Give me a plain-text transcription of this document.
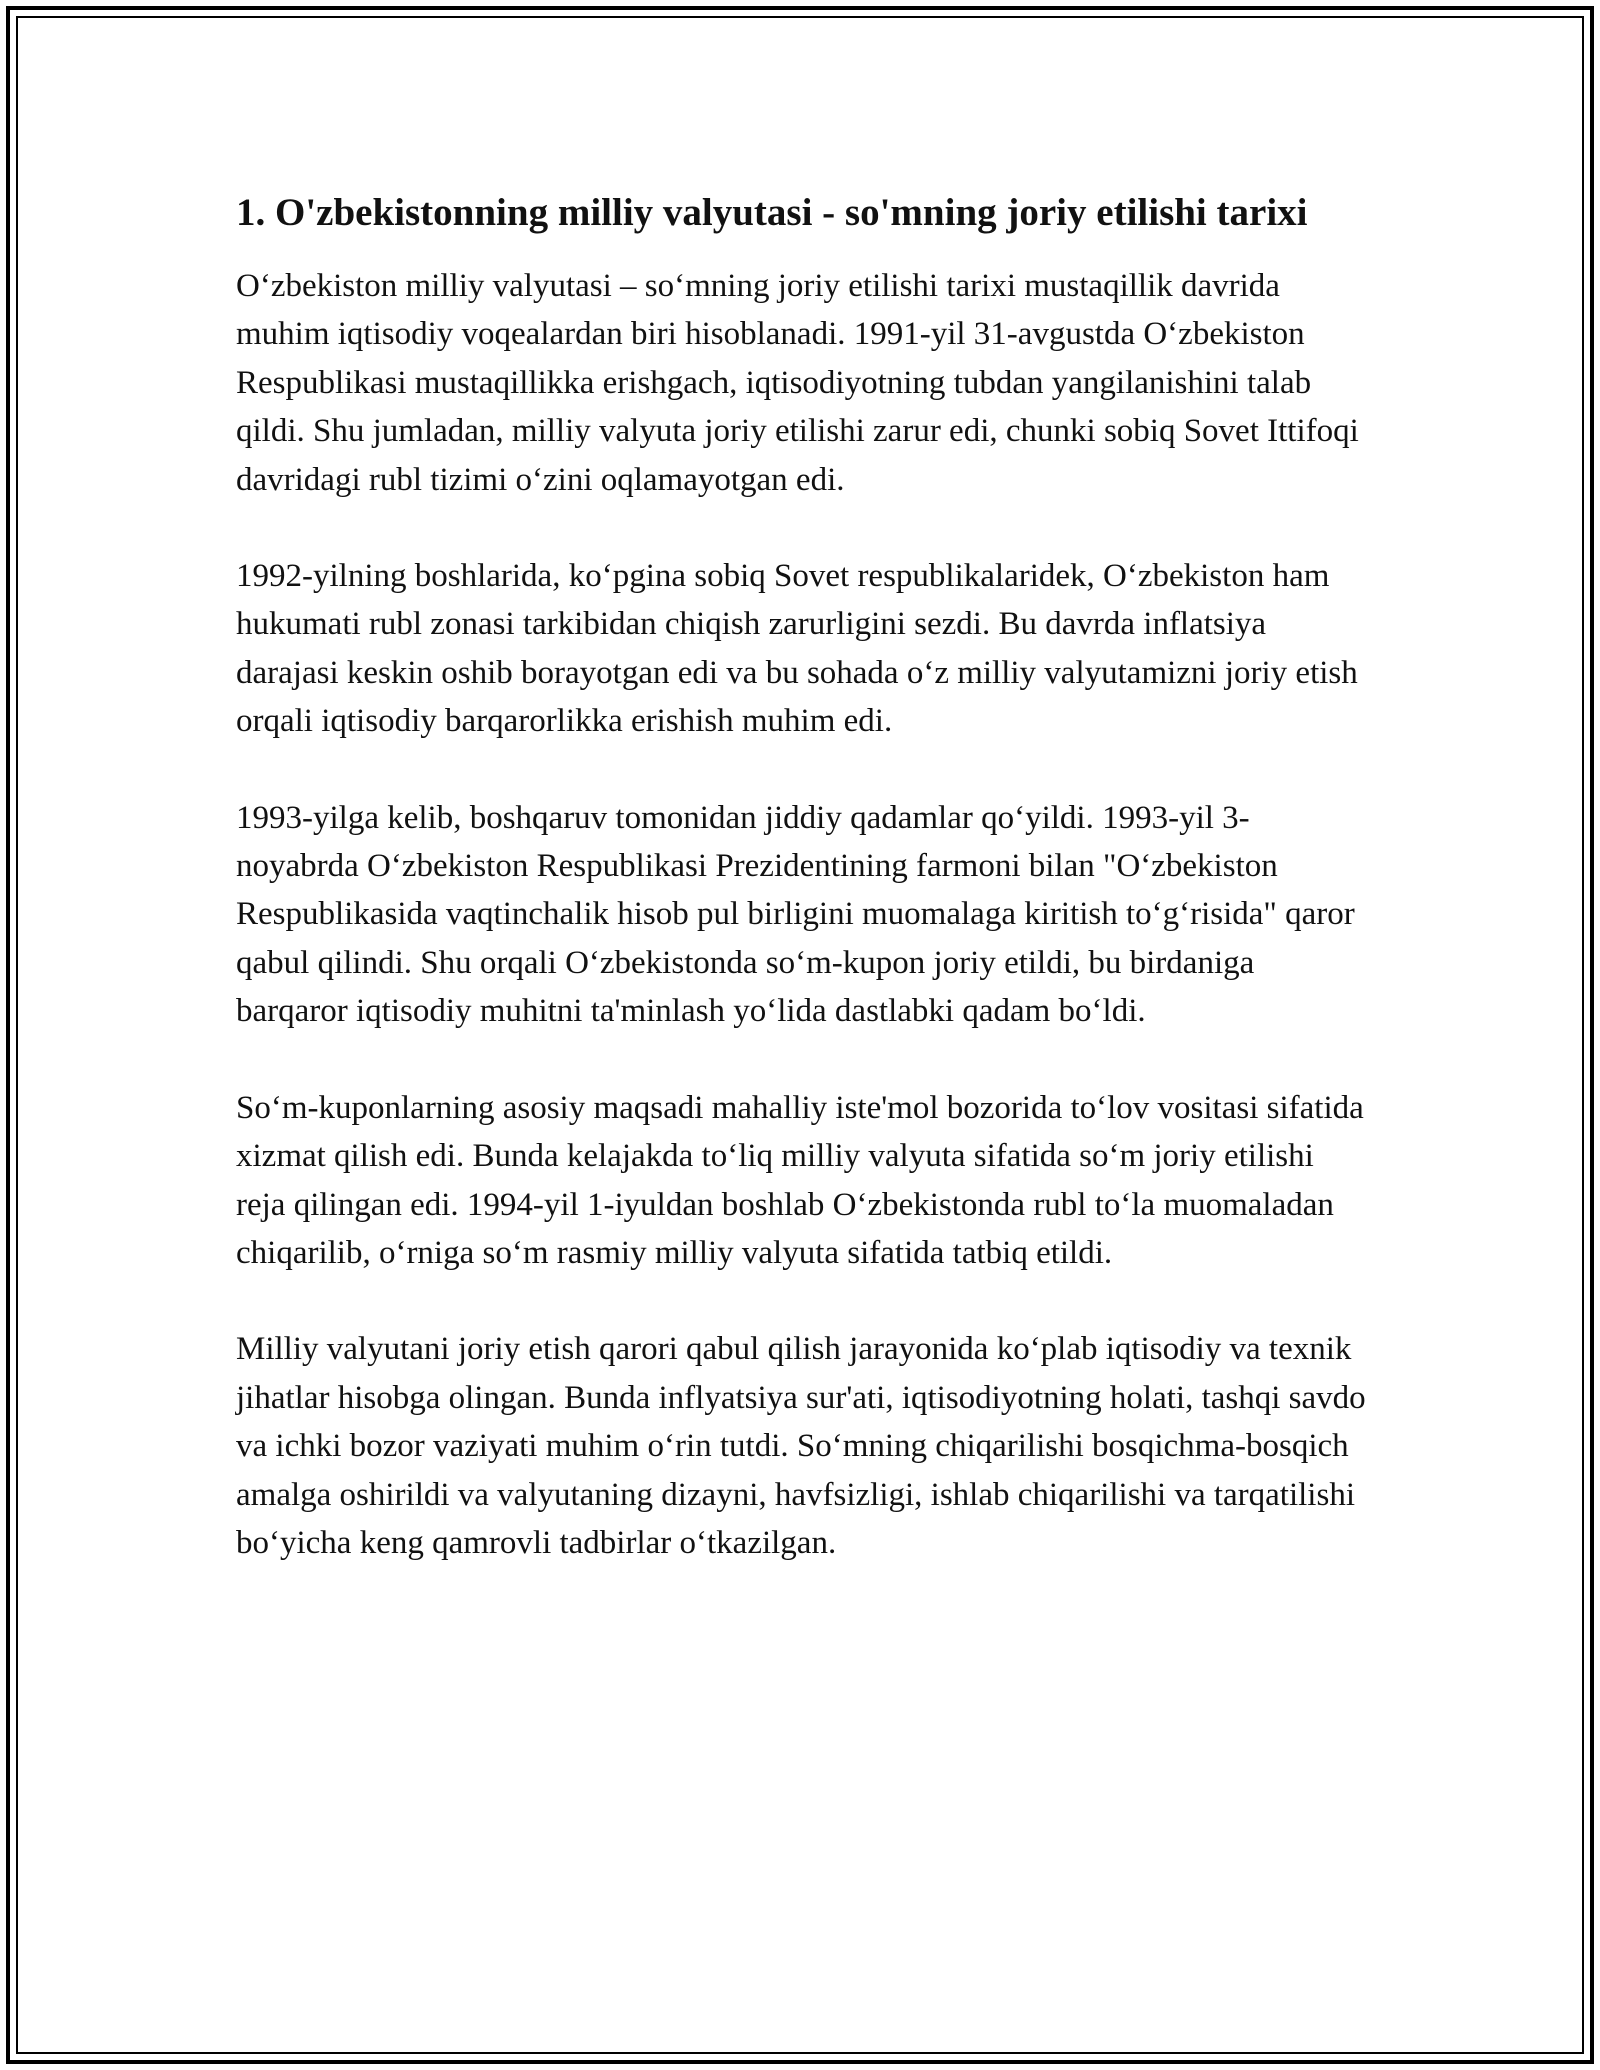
1. O'zbekistonning milliy valyutasi - so'mning joriy etilishi tarixi

O‘zbekiston milliy valyutasi – so‘mning joriy etilishi tarixi mustaqillik davrida muhim iqtisodiy voqealardan biri hisoblanadi. 1991-yil 31-avgustda O‘zbekiston Respublikasi mustaqillikka erishgach, iqtisodiyotning tubdan yangilanishini talab qildi. Shu jumladan, milliy valyuta joriy etilishi zarur edi, chunki sobiq Sovet Ittifoqi davridagi rubl tizimi o‘zini oqlamayotgan edi.

1992-yilning boshlarida, ko‘pgina sobiq Sovet respublikalaridek, O‘zbekiston ham hukumati rubl zonasi tarkibidan chiqish zarurligini sezdi. Bu davrda inflatsiya darajasi keskin oshib borayotgan edi va bu sohada o‘z milliy valyutamizni joriy etish orqali iqtisodiy barqarorlikka erishish muhim edi.

1993-yilga kelib, boshqaruv tomonidan jiddiy qadamlar qo‘yildi. 1993-yil 3-noyabrda O‘zbekiston Respublikasi Prezidentining farmoni bilan "O‘zbekiston Respublikasida vaqtinchalik hisob pul birligini muomalaga kiritish to‘g‘risida" qaror qabul qilindi. Shu orqali O‘zbekistonda so‘m-kupon joriy etildi, bu birdaniga barqaror iqtisodiy muhitni ta'minlash yo‘lida dastlabki qadam bo‘ldi.

So‘m-kuponlarning asosiy maqsadi mahalliy iste'mol bozorida to‘lov vositasi sifatida xizmat qilish edi. Bunda kelajakda to‘liq milliy valyuta sifatida so‘m joriy etilishi reja qilingan edi. 1994-yil 1-iyuldan boshlab O‘zbekistonda rubl to‘la muomaladan chiqarilib, o‘rniga so‘m rasmiy milliy valyuta sifatida tatbiq etildi.

Milliy valyutani joriy etish qarori qabul qilish jarayonida ko‘plab iqtisodiy va texnik jihatlar hisobga olingan. Bunda inflyatsiya sur'ati, iqtisodiyotning holati, tashqi savdo va ichki bozor vaziyati muhim o‘rin tutdi. So‘mning chiqarilishi bosqichma-bosqich amalga oshirildi va valyutaning dizayni, havfsizligi, ishlab chiqarilishi va tarqatilishi bo‘yicha keng qamrovli tadbirlar o‘tkazilgan.
